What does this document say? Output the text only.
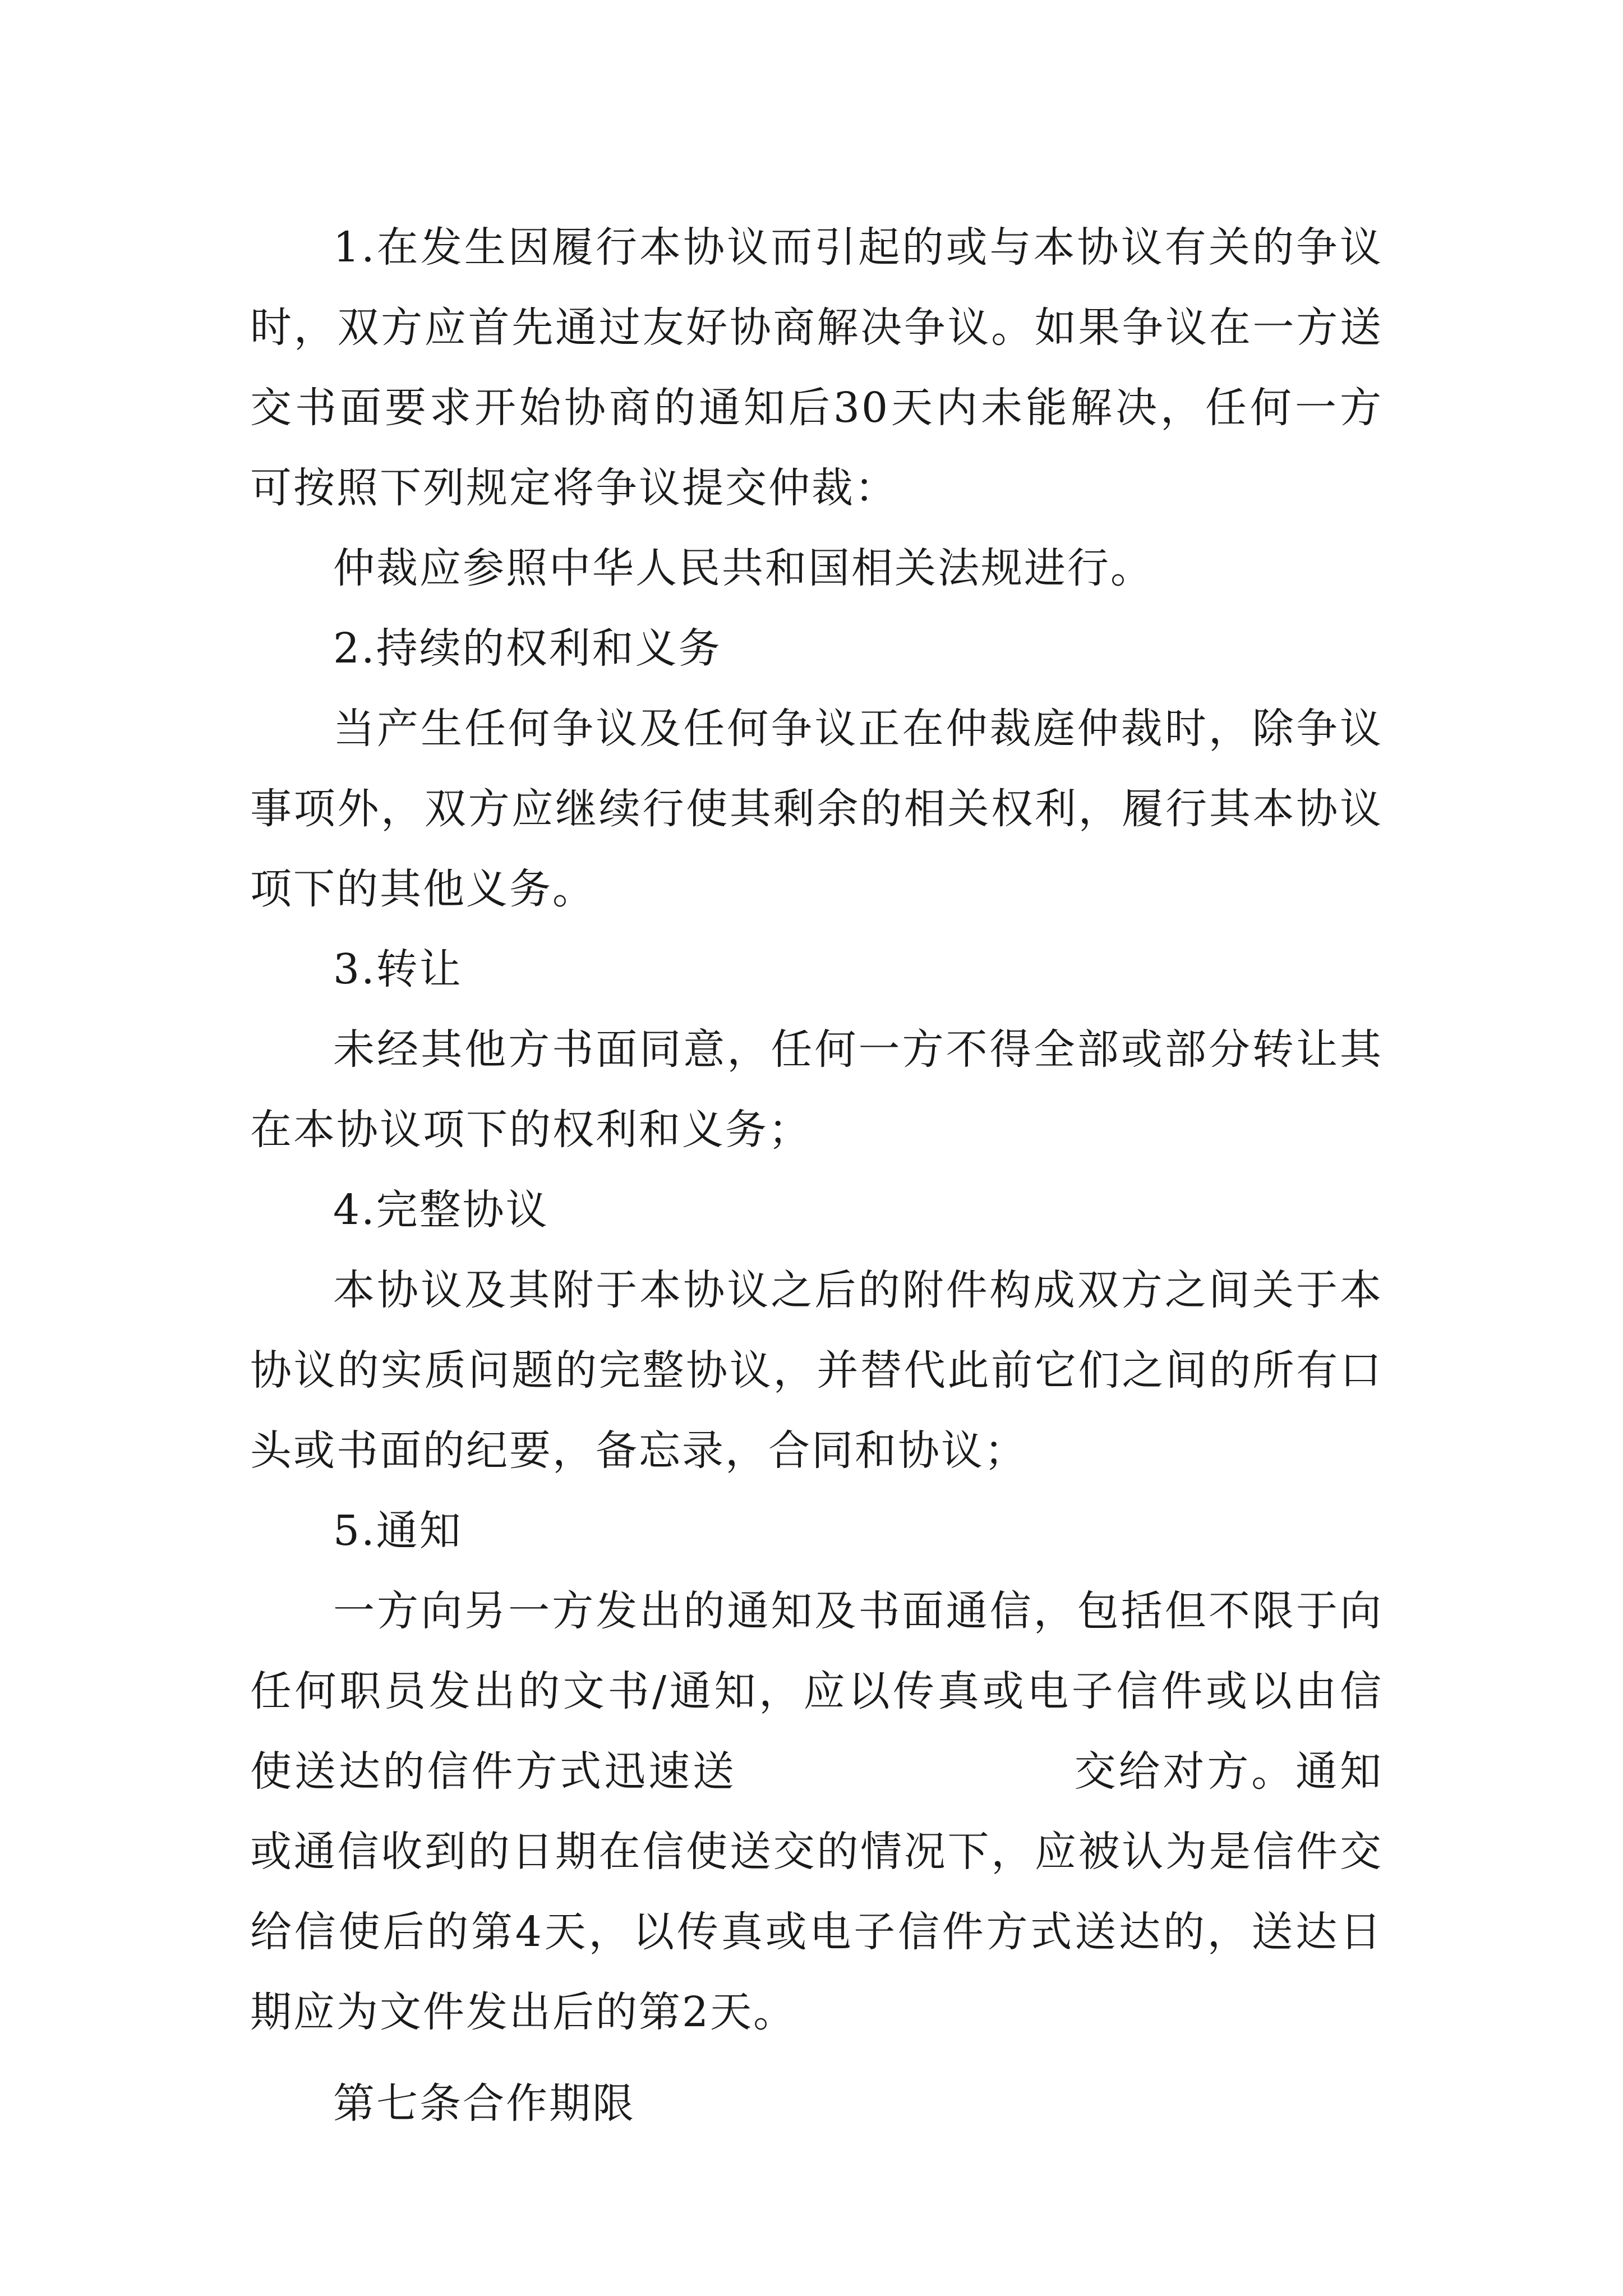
1.在发生因履行本协议而引起的或与本协议有关的争议时，双方应首先通过友好协商解决争议。如果争议在一方送交书面要求开始协商的通知后30天内未能解决，任何一方可按照下列规定将争议提交仲裁：

仲裁应参照中华人民共和国相关法规进行。

2.持续的权利和义务

当产生任何争议及任何争议正在仲裁庭仲裁时，除争议事项外，双方应继续行使其剩余的相关权利，履行其本协议项下的其他义务。

3.转让

未经其他方书面同意，任何一方不得全部或部分转让其在本协议项下的权利和义务；

4.完整协议

本协议及其附于本协议之后的附件构成双方之间关于本协议的实质问题的完整协议，并替代此前它们之间的所有口头或书面的纪要，备忘录，合同和协议；

5.通知

一方向另一方发出的通知及书面通信，包括但不限于向任何职员发出的文书/通知，应以传真或电子信件或以由信使送达的信件方式迅速送	交给对方。通知或通信收到的日期在信使送交的情况下，应被认为是信件交给信使后的第4天，以传真或电子信件方式送达的，送达日期应为文件发出后的第2天。

第七条合作期限
